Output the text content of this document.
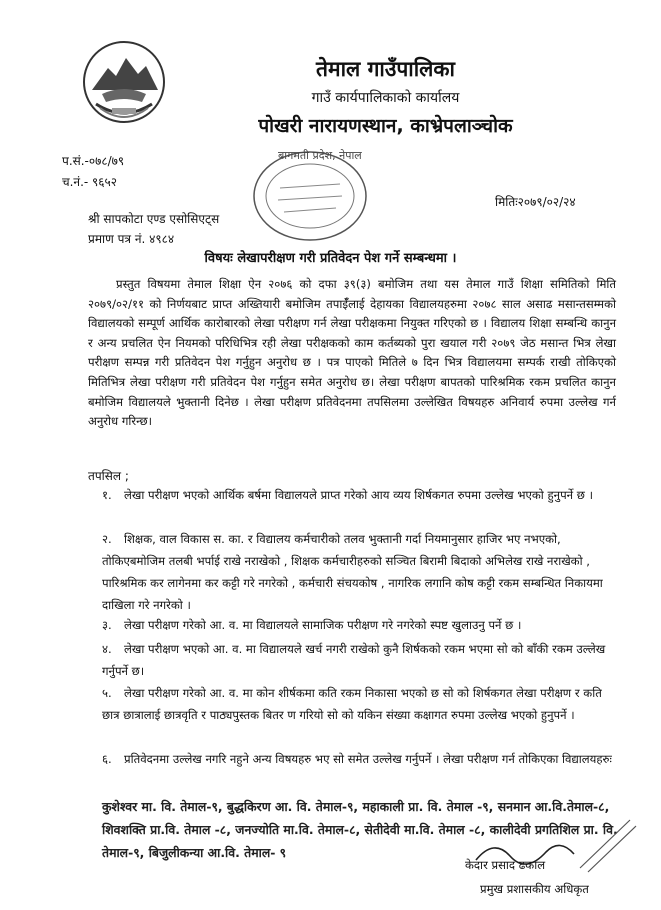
तेमाल गाउँपालिका
गाउँ कार्यपालिकाको कार्यालय
पोखरी नारायणस्थान, काभ्रेपलाञ्चोक
प.सं.-०७८/७९
च.नं.- ९६५२
बागमती प्रदेश, नेपाल
मितिः२०७९/०२/२४
श्री सापकोटा एण्ड एसोसिएट्स
प्रमाण पत्र नं. ४९८४
विषयः लेखापरीक्षण गरी प्रतिवेदन पेश गर्ने सम्बन्धमा ।
प्रस्तुत विषयमा तेमाल शिक्षा ऐन २०७६ को दफा ३९(३) बमोजिम तथा यस तेमाल गाउँ शिक्षा समितिको मिति २०७९/०२/११ को निर्णयबाट प्राप्त अख्तियारी बमोजिम तपाईँलाई देहायका विद्यालयहरुमा २०७८ साल असाढ मसान्तसम्मको विद्यालयको सम्पूर्ण आर्थिक कारोबारको लेखा परीक्षण गर्न लेखा परीक्षकमा नियुक्त गरिएको छ । विद्यालय शिक्षा सम्बन्धि कानुन र अन्य प्रचलित ऐन नियमको परिधिभित्र रही लेखा परीक्षकको काम कर्तब्यको पुरा खयाल गरी २०७९ जेठ मसान्त भित्र लेखा परीक्षण सम्पन्न गरी प्रतिवेदन पेश गर्नुहुन अनुरोध छ । पत्र पाएको मितिले ७ दिन भित्र विद्यालयमा सम्पर्क राखी तोकिएको मितिभित्र लेखा परीक्षण गरी प्रतिवेदन पेश गर्नुहुन समेत अनुरोध छ। लेखा परीक्षण बापतको पारिश्रमिक रकम प्रचलित कानुन बमोजिम विद्यालयले भुक्तानी दिनेछ । लेखा परीक्षण प्रतिवेदनमा तपसिलमा उल्लेखित विषयहरु अनिवार्य रुपमा उल्लेख गर्न अनुरोध गरिन्छ।
तपसिल ;
१. लेखा परीक्षण भएको आर्थिक बर्षमा विद्यालयले प्राप्त गरेको आय व्यय शिर्षकगत रुपमा उल्लेख भएको हुनुपर्ने छ ।
२. शिक्षक, वाल विकास स. का. र विद्यालय कर्मचारीको तलव भुक्तानी गर्दा नियमानुसार हाजिर भए नभएको, तोकिएबमोजिम तलबी भर्पाई राखे नराखेको , शिक्षक कर्मचारीहरुको सञ्चित बिरामी बिदाको अभिलेख राखे नराखेको , पारिश्रमिक कर लागेनमा कर कट्टी गरे नगरेको , कर्मचारी संचयकोष , नागरिक लगानि कोष कट्टी रकम सम्बन्धित निकायमा दाखिला गरे नगरेको ।
३. लेखा परीक्षण गरेको आ. व. मा विद्यालयले सामाजिक परीक्षण गरे नगरेको स्पष्ट खुलाउनु पर्ने छ ।
४. लेखा परीक्षण भएको आ. व. मा विद्यालयले खर्च नगरी राखेको कुनै शिर्षकको रकम भएमा सो को बाँकी रकम उल्लेख गर्नुपर्ने छ।
५. लेखा परीक्षण गरेको आ. व. मा कोन शीर्षकमा कति रकम निकासा भएको छ सो को शिर्षकगत लेखा परीक्षण र कति छात्र छात्रालाई छात्रवृति र पाठ्यपुस्तक बितर ण गरियो सो को यकिन संख्या कक्षागत रुपमा उल्लेख भएको हुनुपर्ने ।
६. प्रतिवेदनमा उल्लेख नगरि नहुने अन्य विषयहरु भए सो समेत उल्लेख गर्नुपर्ने । लेखा परीक्षण गर्न तोकिएका विद्यालयहरुः
कुशेश्वर मा. वि. तेमाल-९, बुद्धकिरण आ. वि. तेमाल-९, महाकाली प्रा. वि. तेमाल -९, सनमान आ.वि.तेमाल-८, शिवशक्ति प्रा.वि. तेमाल -८, जनज्योति मा.वि. तेमाल-८, सेतीदेवी मा.वि. तेमाल -८, कालीदेवी प्रगतिशिल प्रा. वि. तेमाल-९, बिजुलीकन्या आ.वि. तेमाल- ९
केदार प्रसाद ढकाल
प्रमुख प्रशासकीय अधिकृत
